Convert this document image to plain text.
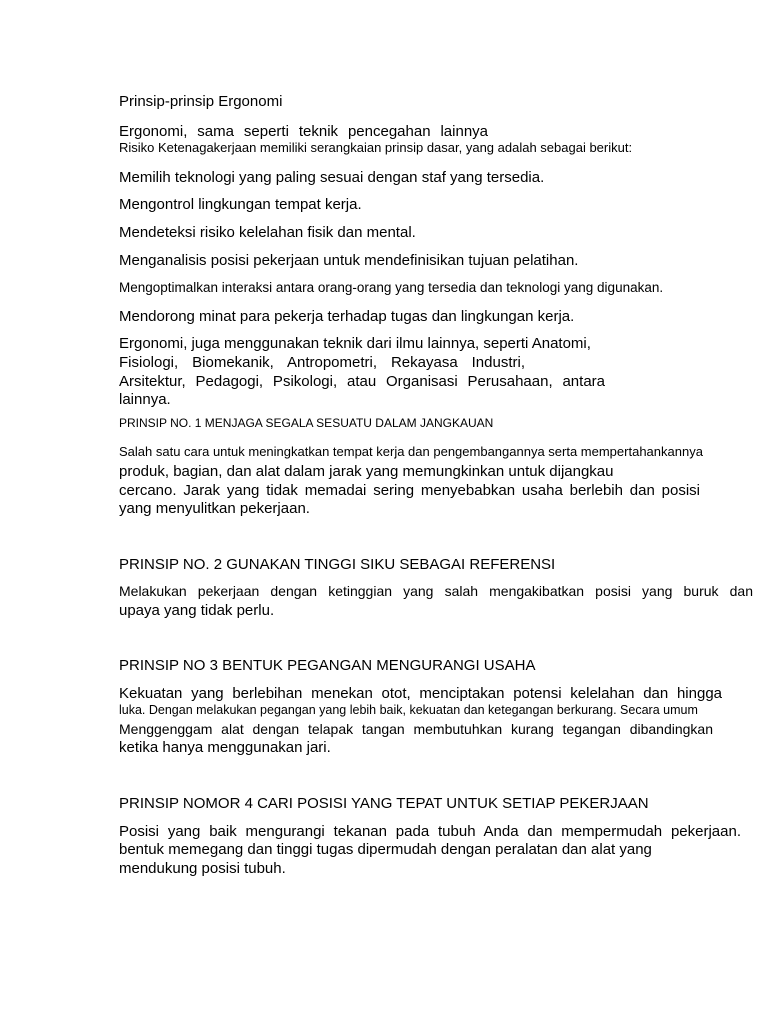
Prinsip-prinsip Ergonomi
Ergonomi, sama seperti teknik pencegahan lainnya
Risiko Ketenagakerjaan memiliki serangkaian prinsip dasar, yang adalah sebagai berikut:
Memilih teknologi yang paling sesuai dengan staf yang tersedia.
Mengontrol lingkungan tempat kerja.
Mendeteksi risiko kelelahan fisik dan mental.
Menganalisis posisi pekerjaan untuk mendefinisikan tujuan pelatihan.
Mengoptimalkan interaksi antara orang-orang yang tersedia dan teknologi yang digunakan.
Mendorong minat para pekerja terhadap tugas dan lingkungan kerja.
Ergonomi, juga menggunakan teknik dari ilmu lainnya, seperti Anatomi,
Fisiologi, Biomekanik, Antropometri, Rekayasa Industri,
Arsitektur, Pedagogi, Psikologi, atau Organisasi Perusahaan, antara
lainnya.
PRINSIP NO. 1 MENJAGA SEGALA SESUATU DALAM JANGKAUAN
Salah satu cara untuk meningkatkan tempat kerja dan pengembangannya serta mempertahankannya
produk, bagian, dan alat dalam jarak yang memungkinkan untuk dijangkau
cercano. Jarak yang tidak memadai sering menyebabkan usaha berlebih dan posisi
yang menyulitkan pekerjaan.
PRINSIP NO. 2 GUNAKAN TINGGI SIKU SEBAGAI REFERENSI
Melakukan pekerjaan dengan ketinggian yang salah mengakibatkan posisi yang buruk dan
upaya yang tidak perlu.
PRINSIP NO 3 BENTUK PEGANGAN MENGURANGI USAHA
Kekuatan yang berlebihan menekan otot, menciptakan potensi kelelahan dan hingga
luka. Dengan melakukan pegangan yang lebih baik, kekuatan dan ketegangan berkurang. Secara umum
Menggenggam alat dengan telapak tangan membutuhkan kurang tegangan dibandingkan
ketika hanya menggunakan jari.
PRINSIP NOMOR 4 CARI POSISI YANG TEPAT UNTUK SETIAP PEKERJAAN
Posisi yang baik mengurangi tekanan pada tubuh Anda dan mempermudah pekerjaan.
bentuk memegang dan tinggi tugas dipermudah dengan peralatan dan alat yang
mendukung posisi tubuh.
